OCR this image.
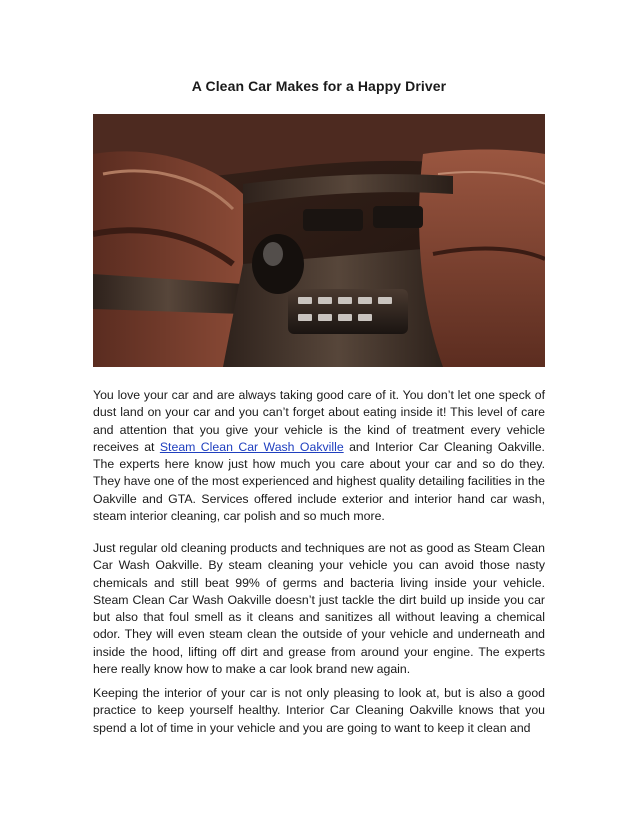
A Clean Car Makes for a Happy Driver

You love your car and are always taking good care of it. You don’t let one speck of dust land on your car and you can’t forget about eating inside it! This level of care and attention that you give your vehicle is the kind of treatment every vehicle receives at Steam Clean Car Wash Oakville and Interior Car Cleaning Oakville. The experts here know just how much you care about your car and so do they. They have one of the most experienced and highest quality detailing facilities in the Oakville and GTA. Services offered include exterior and interior hand car wash, steam interior cleaning, car polish and so much more.

Just regular old cleaning products and techniques are not as good as Steam Clean Car Wash Oakville. By steam cleaning your vehicle you can avoid those nasty chemicals and still beat 99% of germs and bacteria living inside your vehicle. Steam Clean Car Wash Oakville doesn’t just tackle the dirt build up inside you car but also that foul smell as it cleans and sanitizes all without leaving a chemical odor. They will even steam clean the outside of your vehicle and underneath and inside the hood, lifting off dirt and grease from around your engine. The experts here really know how to make a car look brand new again.

Keeping the interior of your car is not only pleasing to look at, but is also a good practice to keep yourself healthy. Interior Car Cleaning Oakville knows that you spend a lot of time in your vehicle and you are going to want to keep it clean and
